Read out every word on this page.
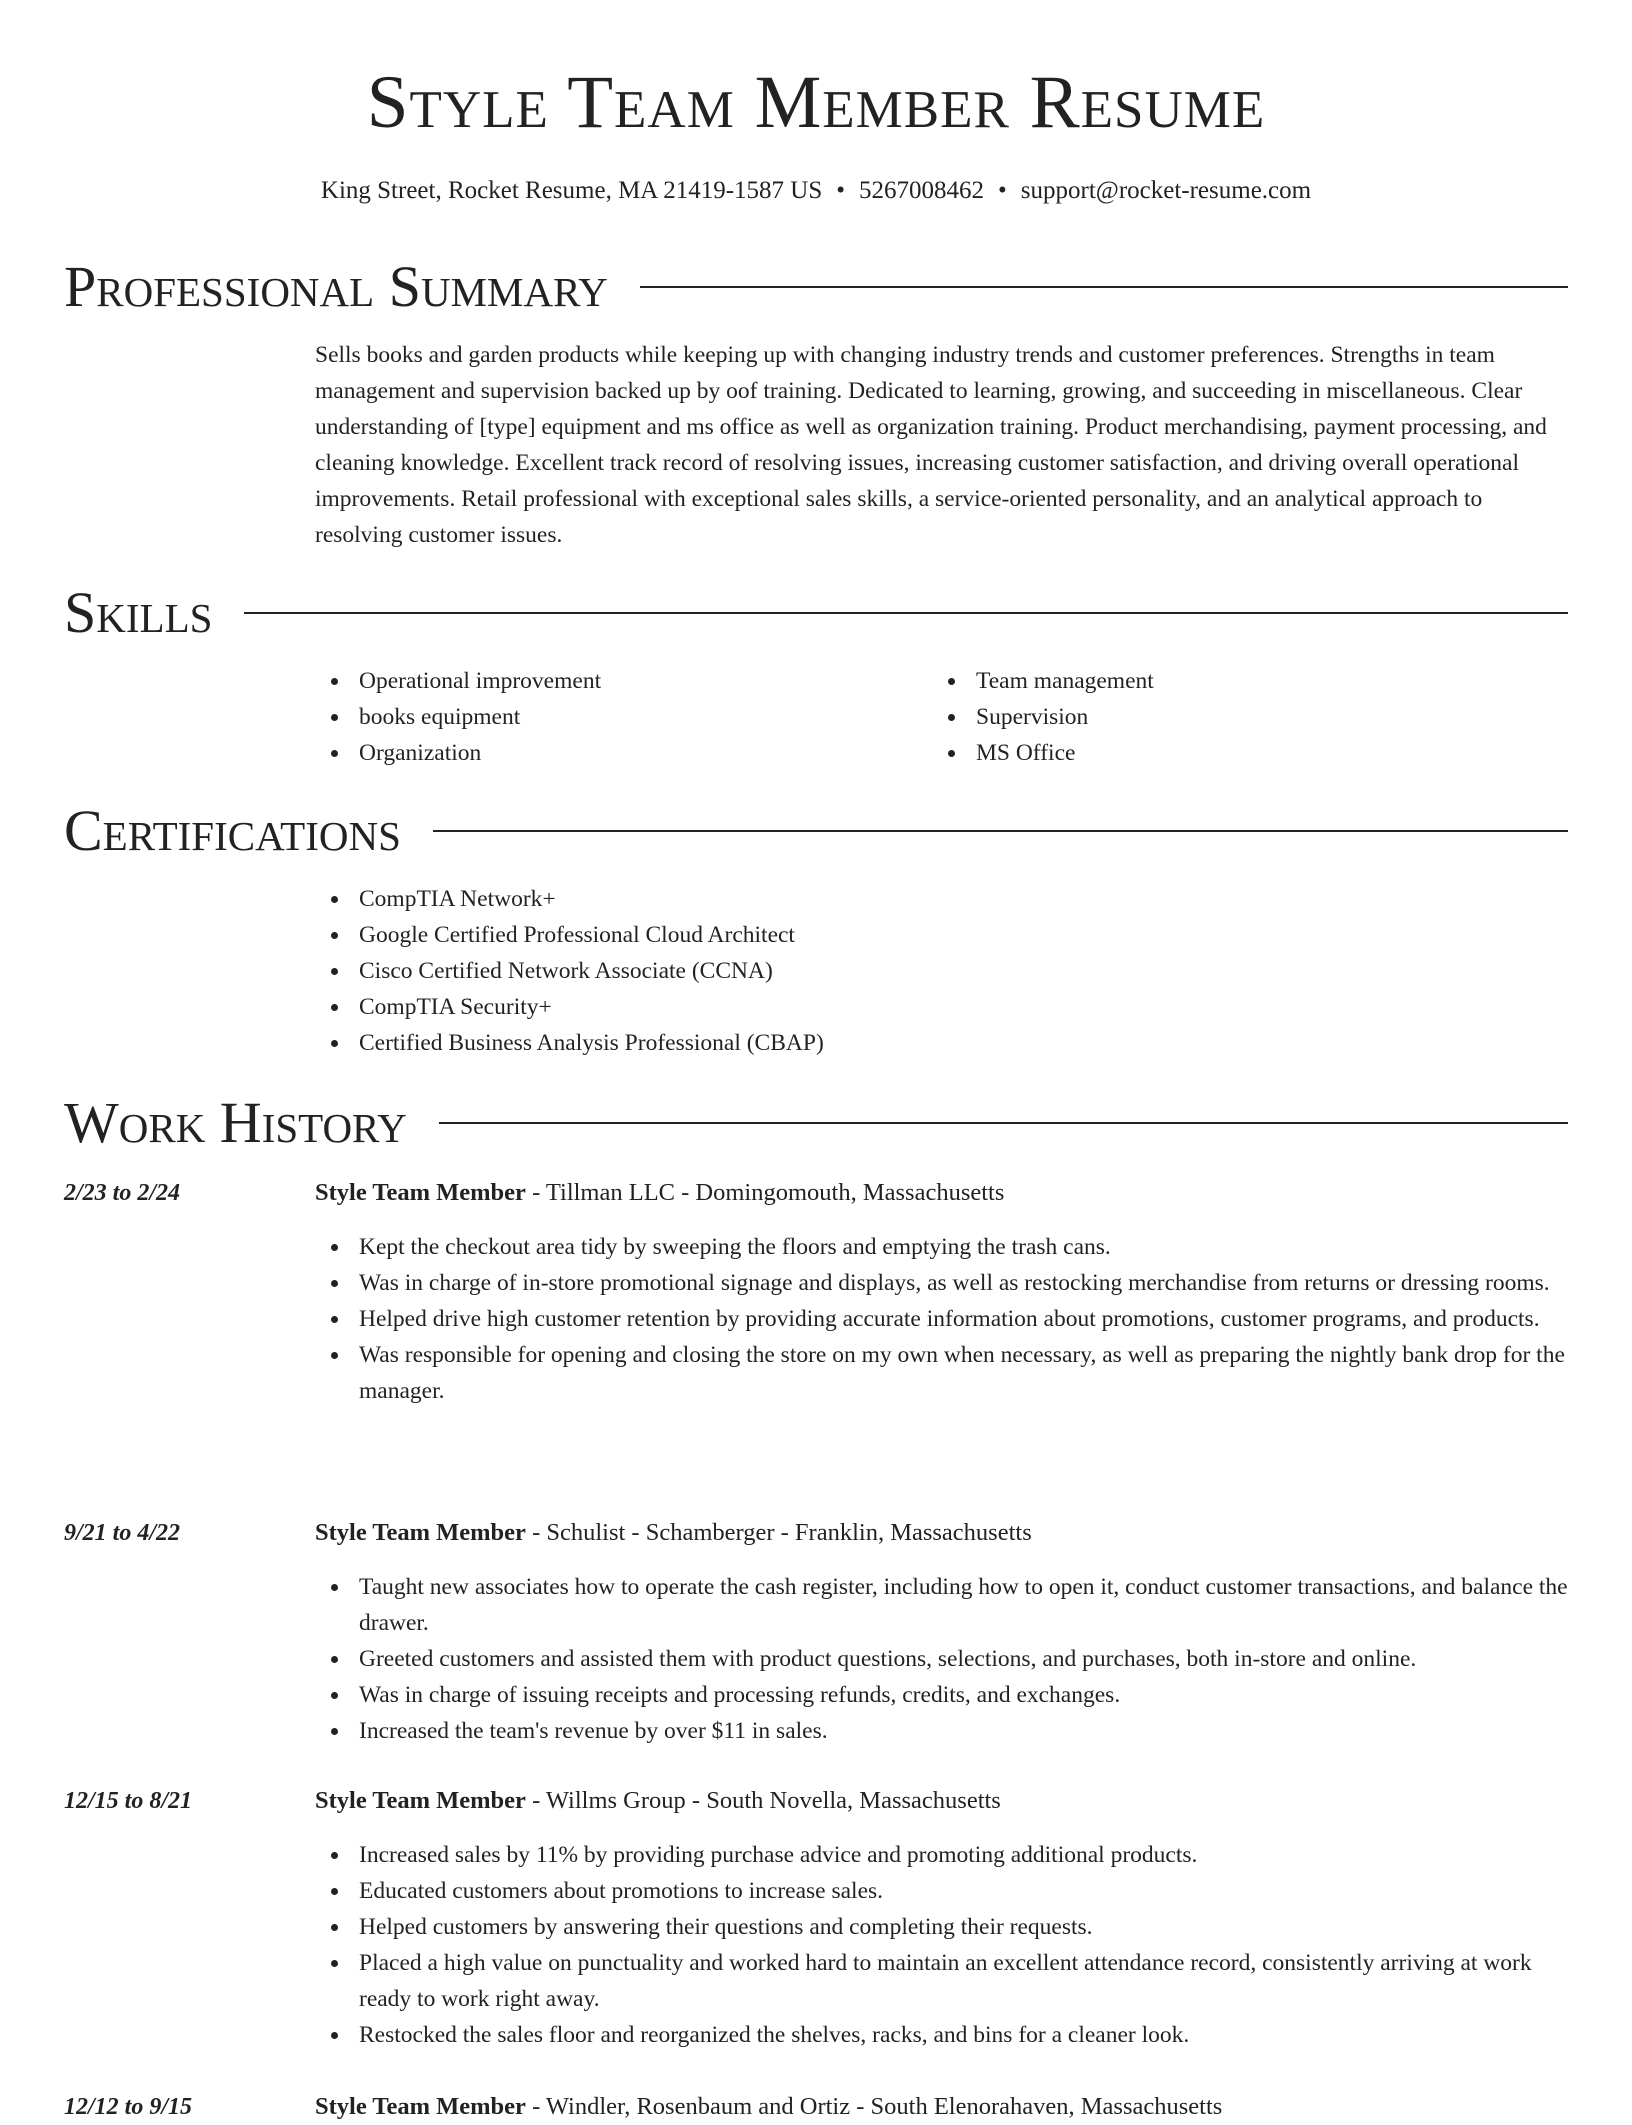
Style Team Member Resume
King Street, Rocket Resume, MA 21419-1587 US • 5267008462 • support@rocket-resume.com
Professional Summary

Sells books and garden products while keeping up with changing industry trends and customer preferences. Strengths in team management and supervision backed up by oof training. Dedicated to learning, growing, and succeeding in miscellaneous. Clear understanding of [type] equipment and ms office as well as organization training. Product merchandising, payment processing, and cleaning knowledge. Excellent track record of resolving issues, increasing customer satisfaction, and driving overall operational improvements. Retail professional with exceptional sales skills, a service-oriented personality, and an analytical approach to resolving customer issues.

Skills
Operational improvement
books equipment
Organization
Team management
Supervision
MS Office
Certifications
CompTIA Network+
Google Certified Professional Cloud Architect
Cisco Certified Network Associate (CCNA)
CompTIA Security+
Certified Business Analysis Professional (CBAP)
Work History
2/23 to 2/24	Style Team Member - Tillman LLC - Domingomouth, Massachusetts
Kept the checkout area tidy by sweeping the floors and emptying the trash cans.
Was in charge of in-store promotional signage and displays, as well as restocking merchandise from returns or dressing rooms.
Helped drive high customer retention by providing accurate information about promotions, customer programs, and products.
Was responsible for opening and closing the store on my own when necessary, as well as preparing the nightly bank drop for the manager.
9/21 to 4/22	Style Team Member - Schulist - Schamberger - Franklin, Massachusetts
Taught new associates how to operate the cash register, including how to open it, conduct customer transactions, and balance the drawer.
Greeted customers and assisted them with product questions, selections, and purchases, both in-store and online.
Was in charge of issuing receipts and processing refunds, credits, and exchanges.
Increased the team's revenue by over $11 in sales.
12/15 to 8/21	Style Team Member - Willms Group - South Novella, Massachusetts
Increased sales by 11% by providing purchase advice and promoting additional products.
Educated customers about promotions to increase sales.
Helped customers by answering their questions and completing their requests.
Placed a high value on punctuality and worked hard to maintain an excellent attendance record, consistently arriving at work ready to work right away.
Restocked the sales floor and reorganized the shelves, racks, and bins for a cleaner look.
12/12 to 9/15	Style Team Member - Windler, Rosenbaum and Ortiz - South Elenorahaven, Massachusetts
